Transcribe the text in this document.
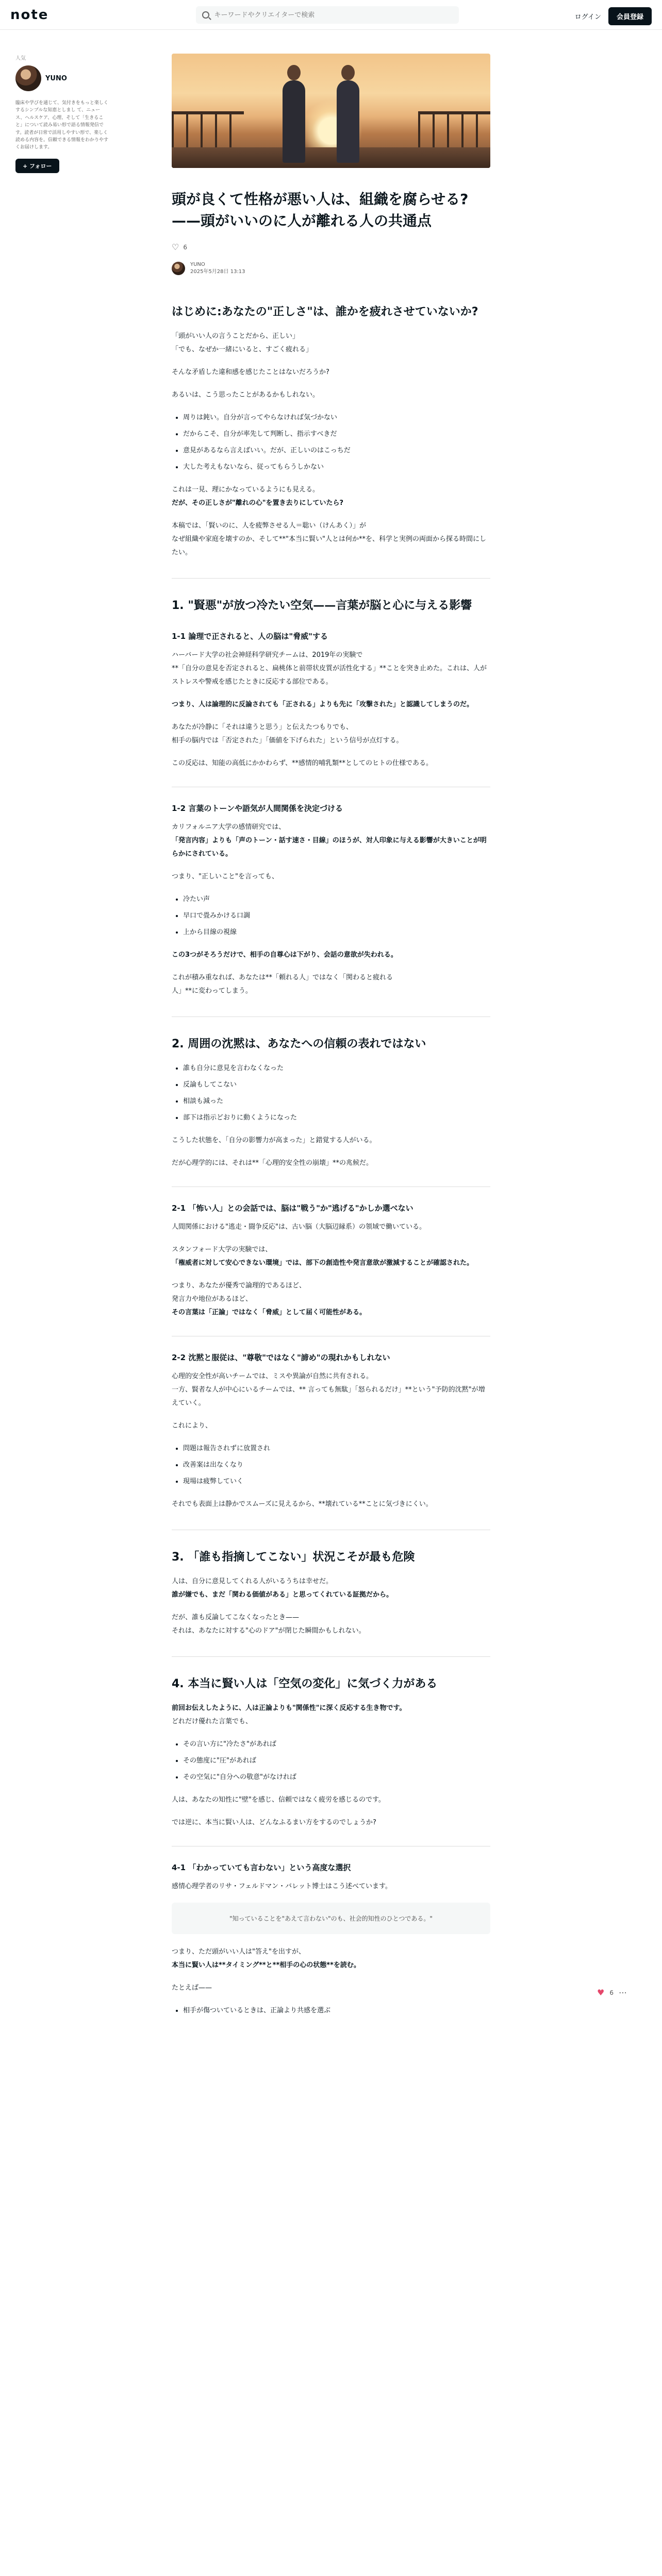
note
キーワードやクリエイターで検索	ログイン	会員登録
人気
YUNO
臨床や学びを通じて、気付きをもっと楽しくするシンプルな知恵としまし て、ニュース、ヘルスケア、心理、そして「生きること」について読み易い形で語る情報発信です。読者が日常で活用しやすい形で、楽しく読める内容を。信頼できる情報をわかりやすくお届けします。
+ フォロー
頭が良くて性格が悪い人は、組織を腐らせる?——頭がいいのに人が離れる人の共通点
♡ 6
YUNO
2025年5月28日 13:13
はじめに:あなたの"正しさ"は、誰かを疲れさせていないか?

「頭がいい人の言うことだから、正しい」
「でも、なぜか一緒にいると、すごく疲れる」

そんな矛盾した違和感を感じたことはないだろうか?

あるいは、こう思ったことがあるかもしれない。

• 周りは鈍い。自分が言ってやらなければ気づかない
• だからこそ、自分が率先して判断し、指示すべきだ
• 意見があるなら言えばいい。だが、正しいのはこっちだ
• 大した考えもないなら、従ってもらうしかない

これは一見、理にかなっているようにも見える。
だが、その正しさが"離れの心"を置き去りにしていたら?

本稿では、「賢いのに、人を疲弊させる人＝聡い（けんあく）」が
なぜ組織や家庭を壊すのか、そして**"本当に賢い"人とは何か**を、科学と実例の両面から探る時間にしたい。

1. "賢悪"が放つ冷たい空気——言葉が脳と心に与える影響
1-1 論理で正されると、人の脳は"脅威"する

ハーバード大学の社会神経科学研究チームは、2019年の実験で
**「自分の意見を否定されると、扁桃体と前帯状皮質が活性化する」**ことを突き止めた。これは、人がストレスや警戒を感じたときに反応する部位である。

つまり、人は論理的に反論されても「正される」よりも先に「攻撃された」と認識してしまうのだ。

あなたが冷静に「それは違うと思う」と伝えたつもりでも、
相手の脳内では「否定された」「価値を下げられた」という信号が点灯する。

この反応は、知能の高低にかかわらず、**感情的哺乳類**としてのヒトの仕様である。

1-2 言葉のトーンや語気が人間関係を決定づける

カリフォルニア大学の感情研究では、
「発言内容」よりも「声のトーン・話す速さ・目線」のほうが、対人印象に与える影響が大きいことが明らかにされている。

つまり、"正しいこと"を言っても、

• 冷たい声
• 早口で畳みかける口調
• 上から目線の視線

この3つがそろうだけで、相手の自尊心は下がり、会話の意欲が失われる。

これが積み重なれば、あなたは**「頼れる人」ではなく「関わると疲れる
人」**に変わってしまう。

2. 周囲の沈黙は、あなたへの信頼の表れではない
• 誰も自分に意見を言わなくなった
• 反論もしてこない
• 相談も減った
• 部下は指示どおりに動くようになった

こうした状態を、「自分の影響力が高まった」と錯覚する人がいる。

だが心理学的には、それは**「心理的安全性の崩壊」**の兆候だ。

2-1 「怖い人」との会話では、脳は"戦う"か"逃げる"かしか選べない

人間関係における"逃走・闘争反応"は、古い脳（大脳辺縁系）の領域で働いている。

スタンフォード大学の実験では、
「権威者に対して安心できない環境」では、部下の創造性や発言意欲が激減することが確認された。

つまり、あなたが優秀で論理的であるほど、
発言力や地位があるほど、
その言葉は「正論」ではなく「脅威」として届く可能性がある。

2-2 沈黙と服従は、"尊敬"ではなく"諦め"の現れかもしれない

心理的安全性が高いチームでは、ミスや異論が自然に共有される。
一方、賢者な人が中心にいるチームでは、** 言っても無駄」「怒られるだけ」**という"予防的沈黙"が増えていく。

これにより、

• 問題は報告されずに放置され
• 改善案は出なくなり
• 現場は疲弊していく

それでも表面上は静かでスムーズに見えるから、**壊れている**ことに気づきにくい。

3. 「誰も指摘してこない」状況こそが最も危険

人は、自分に意見してくれる人がいるうちは幸せだ。
誰が嫌でも、まだ「関わる価値がある」と思ってくれている証拠だから。

だが、誰も反論してこなくなったとき——
それは、あなたに対する"心のドア"が閉じた瞬間かもしれない。

4. 本当に賢い人は「空気の変化」に気づく力がある

前回お伝えしたように、人は正論よりも"関係性"に深く反応する生き物です。
どれだけ優れた言葉でも、

• その言い方に"冷たさ"があれば
• その態度に"圧"があれば
• その空気に"自分への敬意"がなければ

人は、あなたの知性に"壁"を感じ、信頼ではなく疲労を感じるのです。

では逆に、本当に賢い人は、どんなふるまい方をするのでしょうか?

4-1 「わかっていても言わない」という高度な選択

感情心理学者のリサ・フェルドマン・バレット博士はこう述べています。

"知っていることを"あえて言わない"のも、社会的知性のひとつである。"

つまり、ただ頭がいい人は"答え"を出すが、
本当に賢い人は**タイミング**と**相手の心の状態**を読む。

たとえば——

• 相手が傷ついているときは、正論より共感を選ぶ
♥ 6 ⋯
